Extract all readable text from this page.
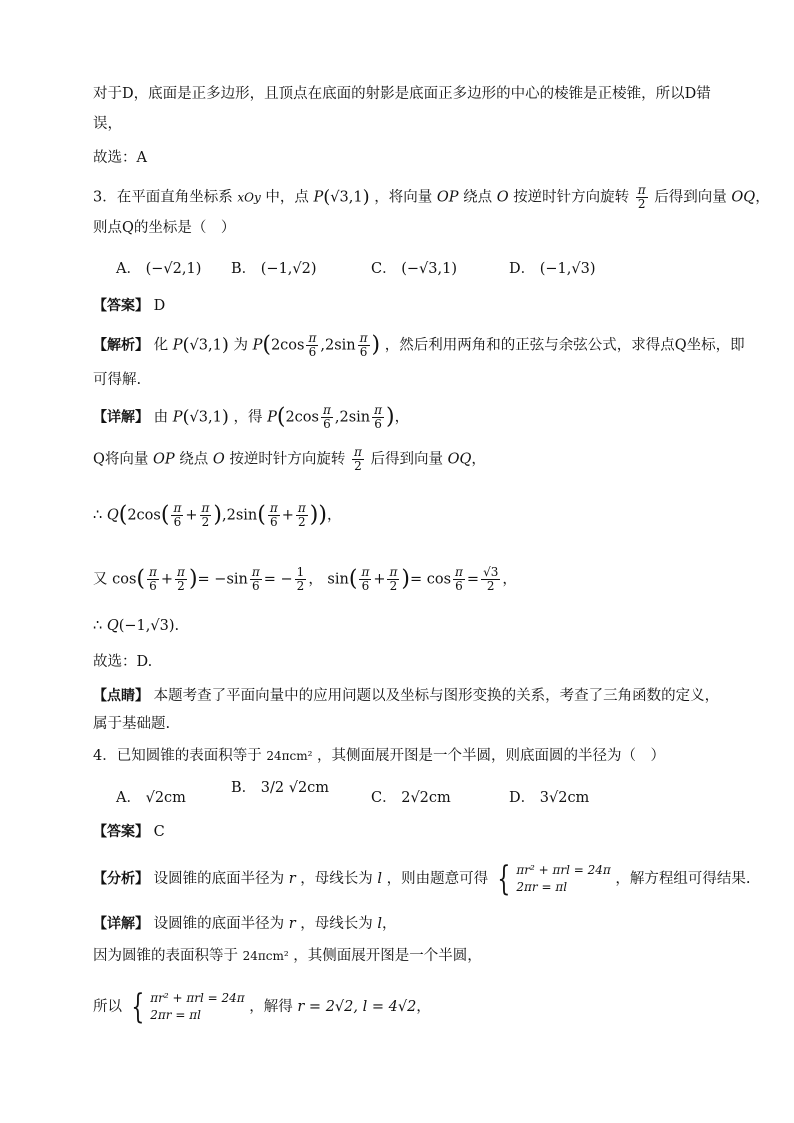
对于D，底面是正多边形，且顶点在底面的射影是底面正多边形的中心的棱锥是正棱锥，所以D错
误，
故选：A
3．在平面直角坐标系 xOy 中，点 P(√3,1) ，将向量 OP 绕点 O 按逆时针方向旋转 $\frac{\pi}{2}$ 后得到向量 OQ，
则点Q的坐标是（　）
A． (−√2,1) B． (−1,√2)	C． (−√3,1)	D． (−1,√3)
【答案】 D
【解析】 化 P(√3,1) 为 $P(2\cos \frac{\pi}{6} ,2\sin \frac{\pi}{6}$ ) ，然后利用两角和的正弦与余弦公式，求得点Q坐标，即
可得解.
【详解】 由 P(√3,1) ，得 $P(2\cos \frac{\pi}{6} ,2\sin \frac{\pi}{6}$ )，
Q将向量 OP 绕点 O 按逆时针方向旋转 $\frac{\pi}{2}$ 后得到向量 OQ，
∴ $Q(2\cos( \frac{\pi}{6} + \frac{\pi}{2} ),2\sin( \frac{\pi}{6} + \frac{\pi}{2}$ ))，
又 $\cos( \frac{\pi}{6} + \frac{\pi}{2}$ )= $-\sin \frac{\pi}{6}$ = − $\frac{1}{2}$ ， $\sin( \frac{\pi}{6} + \frac{\pi}{2}$ )= $\cos \frac{\pi}{6} = \frac{√3}{2}$ ，
∴ Q(−1,√3).
故选：D.
【点睛】 本题考查了平面向量中的应用问题以及坐标与图形变换的关系，考查了三角函数的定义，
属于基础题.
4．已知圆锥的表面积等于 24πcm² ，其侧面展开图是一个半圆，则底面圆的半径为（　）
A． √2cm
B． 3/2 √2cm
C． 2√2cm	D． 3√2cm
【答案】 C
【分析】 设圆锥的底面半径为 r ，母线长为 l ，则由题意可得 { πr² + πrl = 24π
2πr = πl	，解方程组可得结果.
【详解】 设圆锥的底面半径为 r ，母线长为 l，
因为圆锥的表面积等于 24πcm² ，其侧面展开图是一个半圆，
所以 { πr² + πrl = 24π
2πr = πl	，解得 r = 2√2, l = 4√2，
